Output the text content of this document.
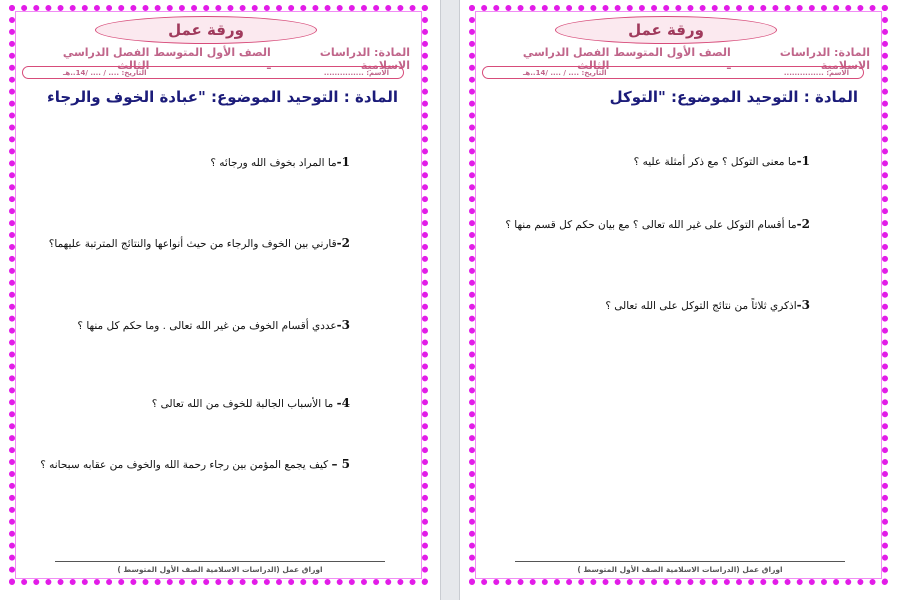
ورقة عمل
المادة: الدراسات الاسلامية
الصف الأول المتوسط ـ
الفصل الدراسي الثالث
الاسم: ...............
التاريخ: .... / .... /14..هـ
المادة : التوحيد الموضوع: "عبادة الخوف والرجاء
1-ما المراد بخوف الله ورجائه ؟
2-قارني بين الخوف والرجاء من حيث أنواعها والنتائج المترتبة عليهما؟
3-عددي أقسام الخوف من غير الله تعالى . وما حكم كل منها ؟
4- ما الأسباب الجالبة للخوف من الله تعالى ؟
5 – كيف يجمع المؤمن بين رجاء رحمة الله والخوف من عقابه سبحانه ؟
اوراق عمل (الدراسات الاسلامية الصف الأول المتوسط )
ورقة عمل
المادة: الدراسات الاسلامية
الصف الأول المتوسط ـ
الفصل الدراسي الثالث
الاسم: ...............
التاريخ: .... / .... /14..هـ
المادة : التوحيد الموضوع: "التوكل
1-ما معنى التوكل ؟ مع ذكر أمثلة عليه ؟
2-ما أقسام التوكل على غير الله تعالى ؟ مع بيان حكم كل قسم منها ؟
3-اذكري ثلاثاً من نتائج التوكل على الله تعالى ؟
اوراق عمل (الدراسات الاسلامية الصف الأول المتوسط )
